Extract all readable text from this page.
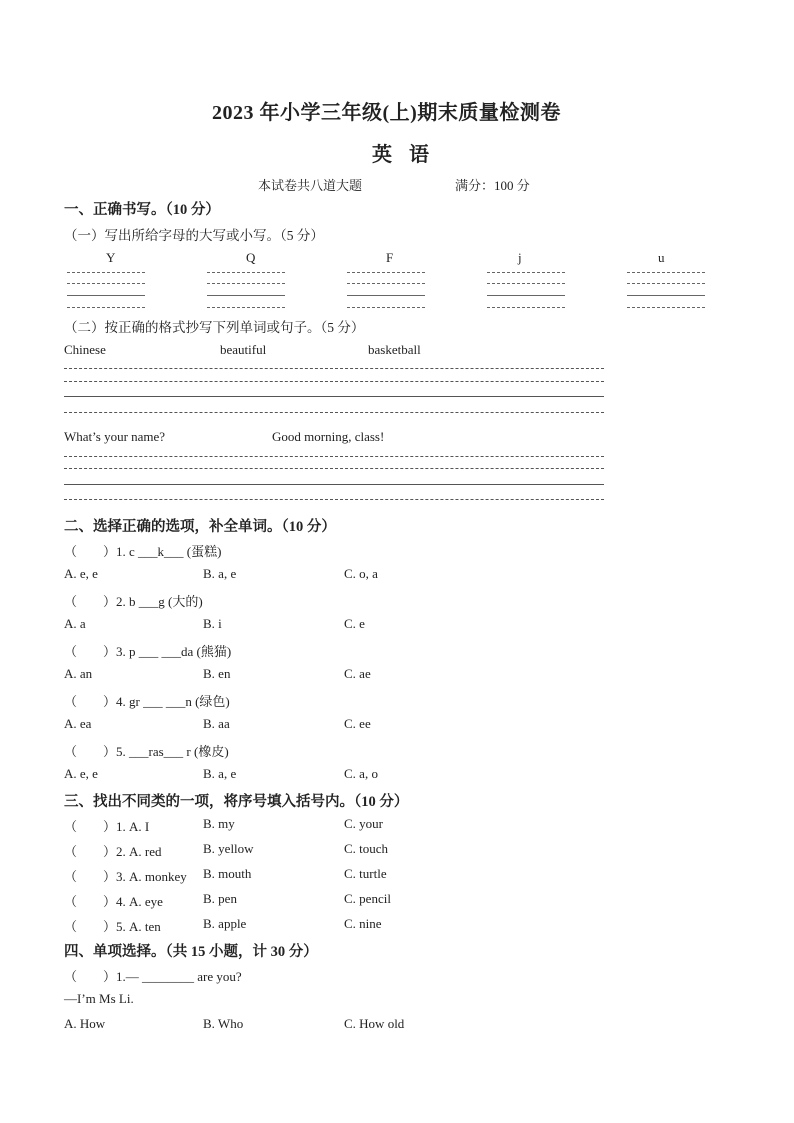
2023 年小学三年级(上)期末质量检测卷
英 语
本试卷共八道大题	满分：100 分
一、正确书写。（10 分）
（一）写出所给字母的大写或小写。（5 分）
Y	Q	F	j	u
（二）按正确的格式抄写下列单词或句子。（5 分）
Chinese	beautiful	basketball
What’s your name?	Good morning, class!
二、选择正确的选项，补全单词。（10 分）
（　　）1. c ___k___ (蛋糕)
A. e, e	B. a, e	C. o, a
（　　）2. b ___g (大的)
A. a	B. i	C. e
（　　）3. p ___ ___da (熊猫)
A. an	B. en	C. ae
（　　）4. gr ___ ___n (绿色)
A. ea	B. aa	C. ee
（　　）5. ___ras___ r (橡皮)
A. e, e	B. a, e	C. a, o
三、找出不同类的一项，将序号填入括号内。（10 分）
（　　）1. A. I	B. my	C. your
（　　）2. A. red	B. yellow	C. touch
（　　）3. A. monkey B. mouth	C. turtle
（　　）4. A. eye	B. pen	C. pencil
（　　）5. A. ten	B. apple	C. nine
四、单项选择。（共 15 小题，计 30 分）
（　　）1.— ________ are you?
—I’m Ms Li.
A. How	B. Who	C. How old
